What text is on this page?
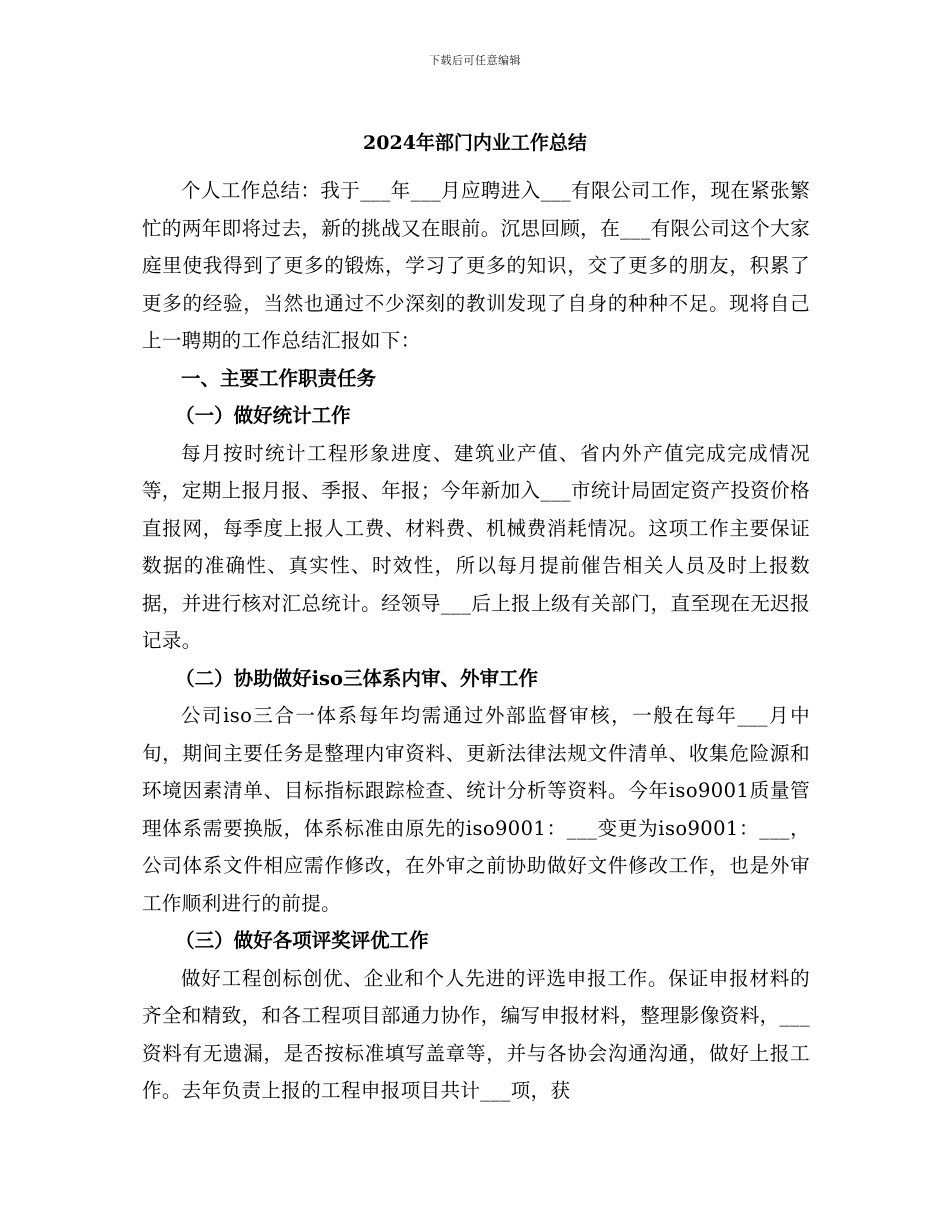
下载后可任意编辑
2024年部门内业工作总结

个人工作总结：我于___年___月应聘进入___有限公司工作，现在紧张繁忙的两年即将过去，新的挑战又在眼前。沉思回顾，在___有限公司这个大家庭里使我得到了更多的锻炼，学习了更多的知识，交了更多的朋友，积累了更多的经验，当然也通过不少深刻的教训发现了自身的种种不足。现将自己上一聘期的工作总结汇报如下：

一、主要工作职责任务

（一）做好统计工作

每月按时统计工程形象进度、建筑业产值、省内外产值完成完成情况等，定期上报月报、季报、年报；今年新加入___市统计局固定资产投资价格直报网，每季度上报人工费、材料费、机械费消耗情况。这项工作主要保证数据的准确性、真实性、时效性，所以每月提前催告相关人员及时上报数据，并进行核对汇总统计。经领导___后上报上级有关部门，直至现在无迟报记录。

（二）协助做好iso三体系内审、外审工作

公司iso三合一体系每年均需通过外部监督审核，一般在每年___月中旬，期间主要任务是整理内审资料、更新法律法规文件清单、收集危险源和环境因素清单、目标指标跟踪检查、统计分析等资料。今年iso9001质量管理体系需要换版，体系标准由原先的iso9001：___变更为iso9001：___，公司体系文件相应需作修改，在外审之前协助做好文件修改工作，也是外审工作顺利进行的前提。

（三）做好各项评奖评优工作

做好工程创标创优、企业和个人先进的评选申报工作。保证申报材料的齐全和精致，和各工程项目部通力协作，编写申报材料，整理影像资料，___资料有无遗漏，是否按标准填写盖章等，并与各协会沟通沟通，做好上报工作。去年负责上报的工程申报项目共计___项，获
